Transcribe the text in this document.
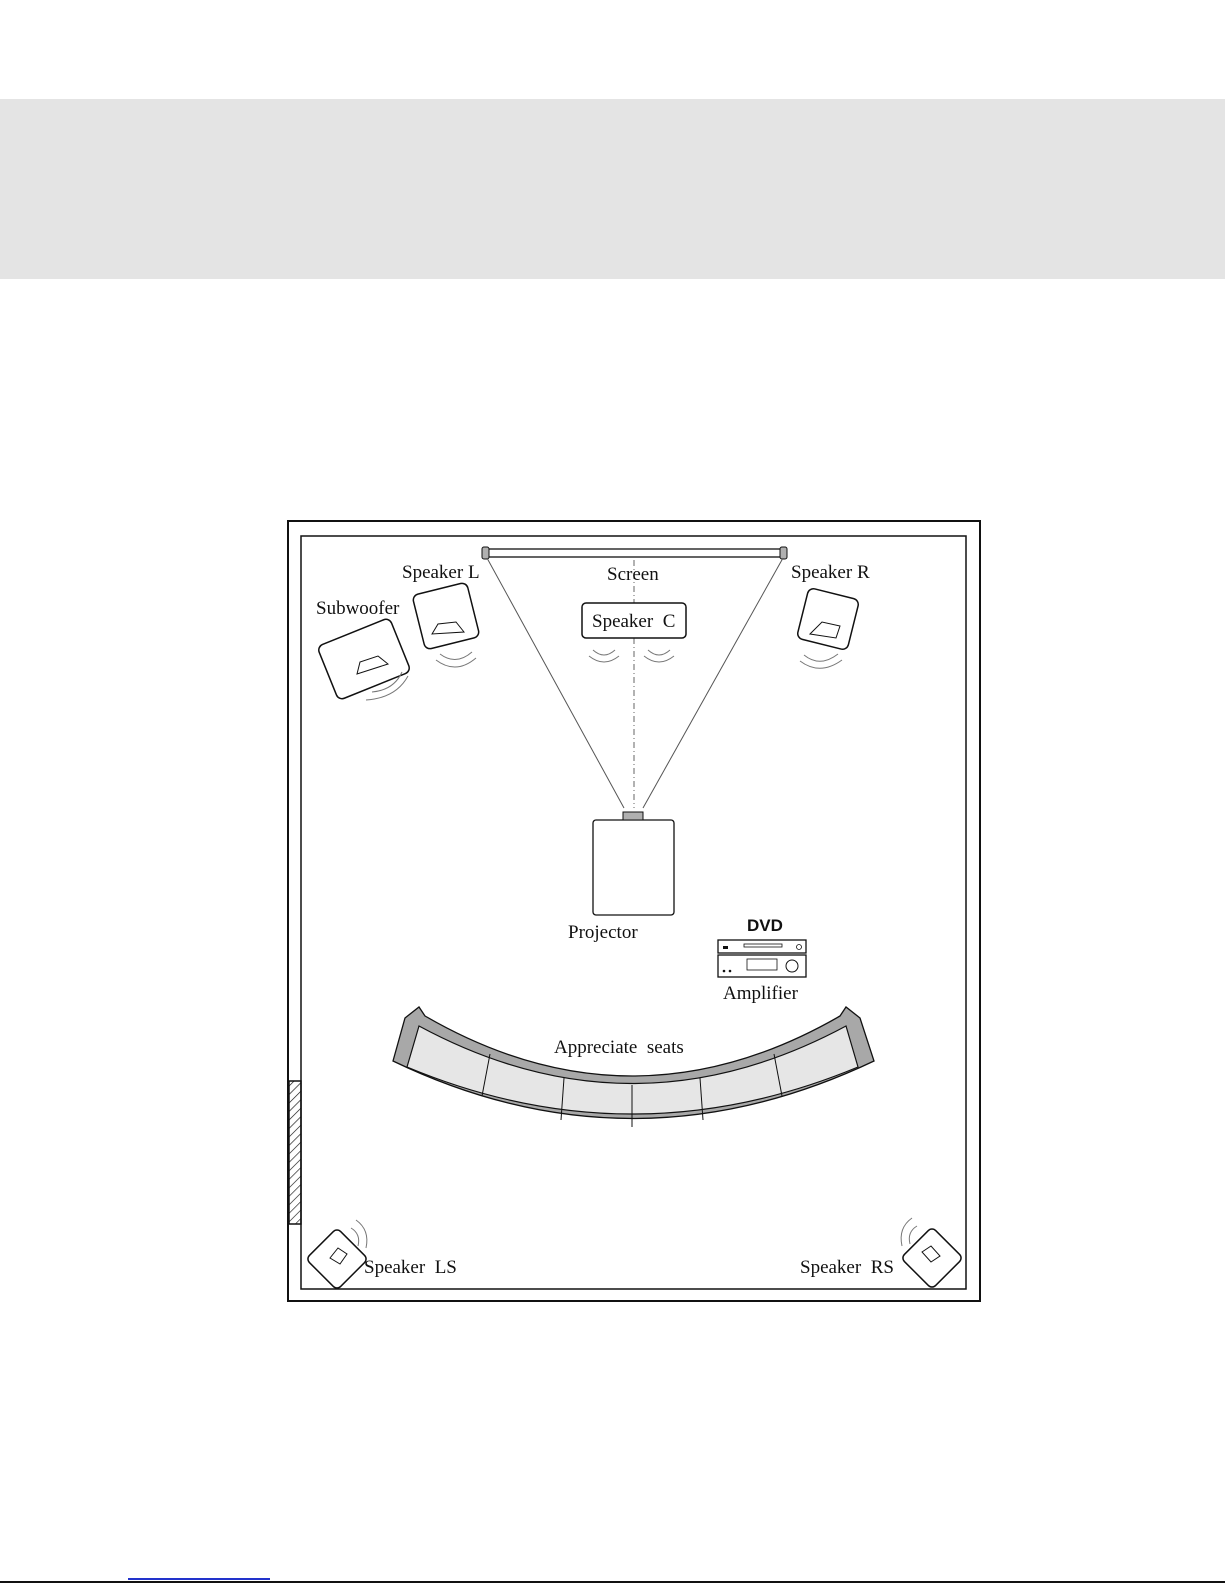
Speaker L	Screen	Speaker R
Speaker  C
Subwoofer
Projector	DVD
Amplifier
Appreciate  seats
Speaker  LS	Speaker  RS
